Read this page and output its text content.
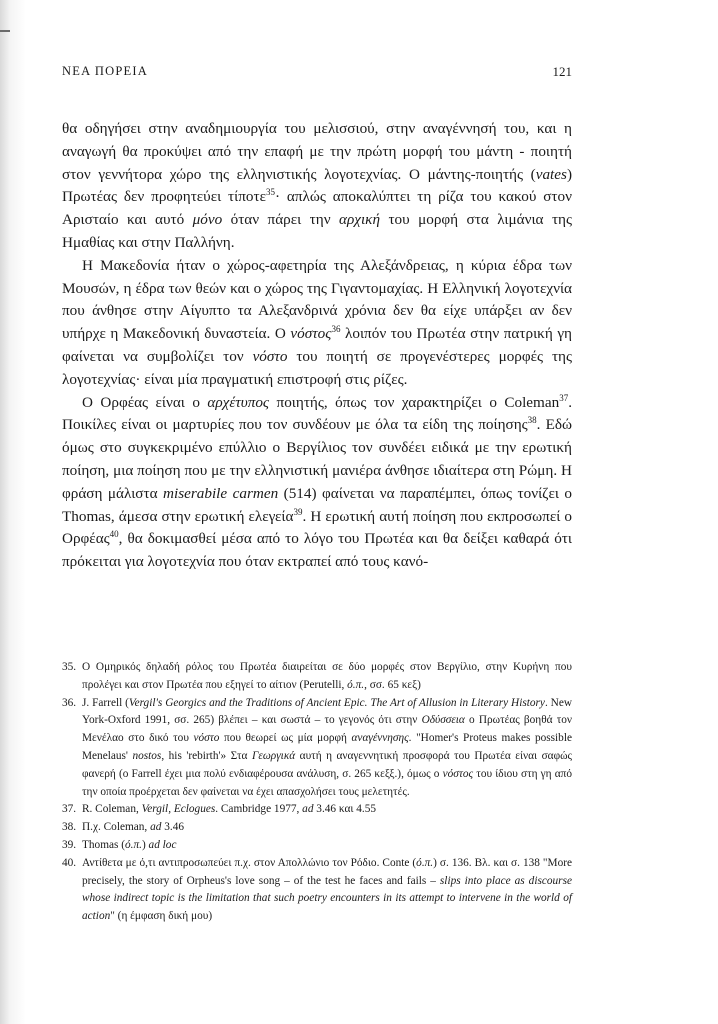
ΝΕΑ ΠΟΡΕΙΑ	121

θα οδηγήσει στην αναδημιουργία του μελισσιού, στην αναγέννησή του, και η αναγωγή θα προκύψει από την επαφή με την πρώτη μορφή του μάντη - ποιητή στον γεννήτορα χώρο της ελληνιστικής λογοτεχνίας. Ο μάντης-ποιητής (vates) Πρωτέας δεν προφητεύει τίποτε$^{35}$· απλώς αποκαλύπτει τη ρίζα του κακού στον Αρισταίο και αυτό μόνο όταν πάρει την αρχική του μορφή στα λιμάνια της Ημαθίας και στην Παλλήνη.

Η Μακεδονία ήταν ο χώρος-αφετηρία της Αλεξάνδρειας, η κύρια έδρα των Μουσών, η έδρα των θεών και ο χώρος της Γιγαντομαχίας. Η Ελληνική λογοτεχνία που άνθησε στην Αίγυπτο τα Αλεξανδρινά χρόνια δεν θα είχε υπάρξει αν δεν υπήρχε η Μακεδονική δυναστεία. Ο νόστος$^{36}$ λοιπόν του Πρωτέα στην πατρική γη φαίνεται να συμβολίζει τον νόστο του ποιητή σε προγενέστερες μορφές της λογοτεχνίας· είναι μία πραγματική επιστροφή στις ρίζες.

Ο Ορφέας είναι ο αρχέτυπος ποιητής, όπως τον χαρακτηρίζει ο Coleman$^{37}$. Ποικίλες είναι οι μαρτυρίες που τον συνδέουν με όλα τα είδη της ποίησης$^{38}$. Εδώ όμως στο συγκεκριμένο επύλλιο ο Βεργίλιος τον συνδέει ειδικά με την ερωτική ποίηση, μια ποίηση που με την ελληνιστική μανιέρα άνθησε ιδιαίτερα στη Ρώμη. Η φράση μάλιστα miserabile carmen (514) φαίνεται να παραπέμπει, όπως τονίζει ο Thomas, άμεσα στην ερωτική ελεγεία$^{39}$. Η ερωτική αυτή ποίηση που εκπροσωπεί ο Ορφέας$^{40}$, θα δοκιμασθεί μέσα από το λόγο του Πρωτέα και θα δείξει καθαρά ότι πρόκειται για λογοτεχνία που όταν εκτραπεί από τους κανό-

35. Ο Ομηρικός δηλαδή ρόλος του Πρωτέα διαιρείται σε δύο μορφές στον Βεργίλιο, στην Κυρήνη που προλέγει και στον Πρωτέα που εξηγεί το αίτιον (Perutelli, ό.π., σσ. 65 κεξ)
36. J. Farrell (Vergil's Georgics and the Traditions of Ancient Epic. The Art of Allusion in Literary History. New York-Oxford 1991, σσ. 265) βλέπει – και σωστά – το γεγονός ότι στην Οδύσσεια ο Πρωτέας βοηθά τον Μενέλαο στο δικό του νόστο που θεωρεί ως μία μορφή αναγέννησης. "Homer's Proteus makes possible Menelaus' nostos, his 'rebirth'» Στα Γεωργικά αυτή η αναγεννητική προσφορά του Πρωτέα είναι σαφώς φανερή (ο Farrell έχει μια πολύ ενδιαφέρουσα ανάλυση, σ. 265 κεξξ.), όμως ο νόστος του ίδιου στη γη από την οποία προέρχεται δεν φαίνεται να έχει απασχολήσει τους μελετητές.
37. R. Coleman, Vergil, Eclogues. Cambridge 1977, ad 3.46 και 4.55
38. Π.χ. Coleman, ad 3.46
39. Thomas (ό.π.) ad loc
40. Αντίθετα με ό,τι αντιπροσωπεύει π.χ. στον Απολλώνιο τον Ρόδιο. Conte (ό.π.) σ. 136. Βλ. και σ. 138 "More precisely, the story of Orpheus's love song – of the test he faces and fails – slips into place as discourse whose indirect topic is the limitation that such poetry encounters in its attempt to intervene in the world of action" (η έμφαση δική μου)
